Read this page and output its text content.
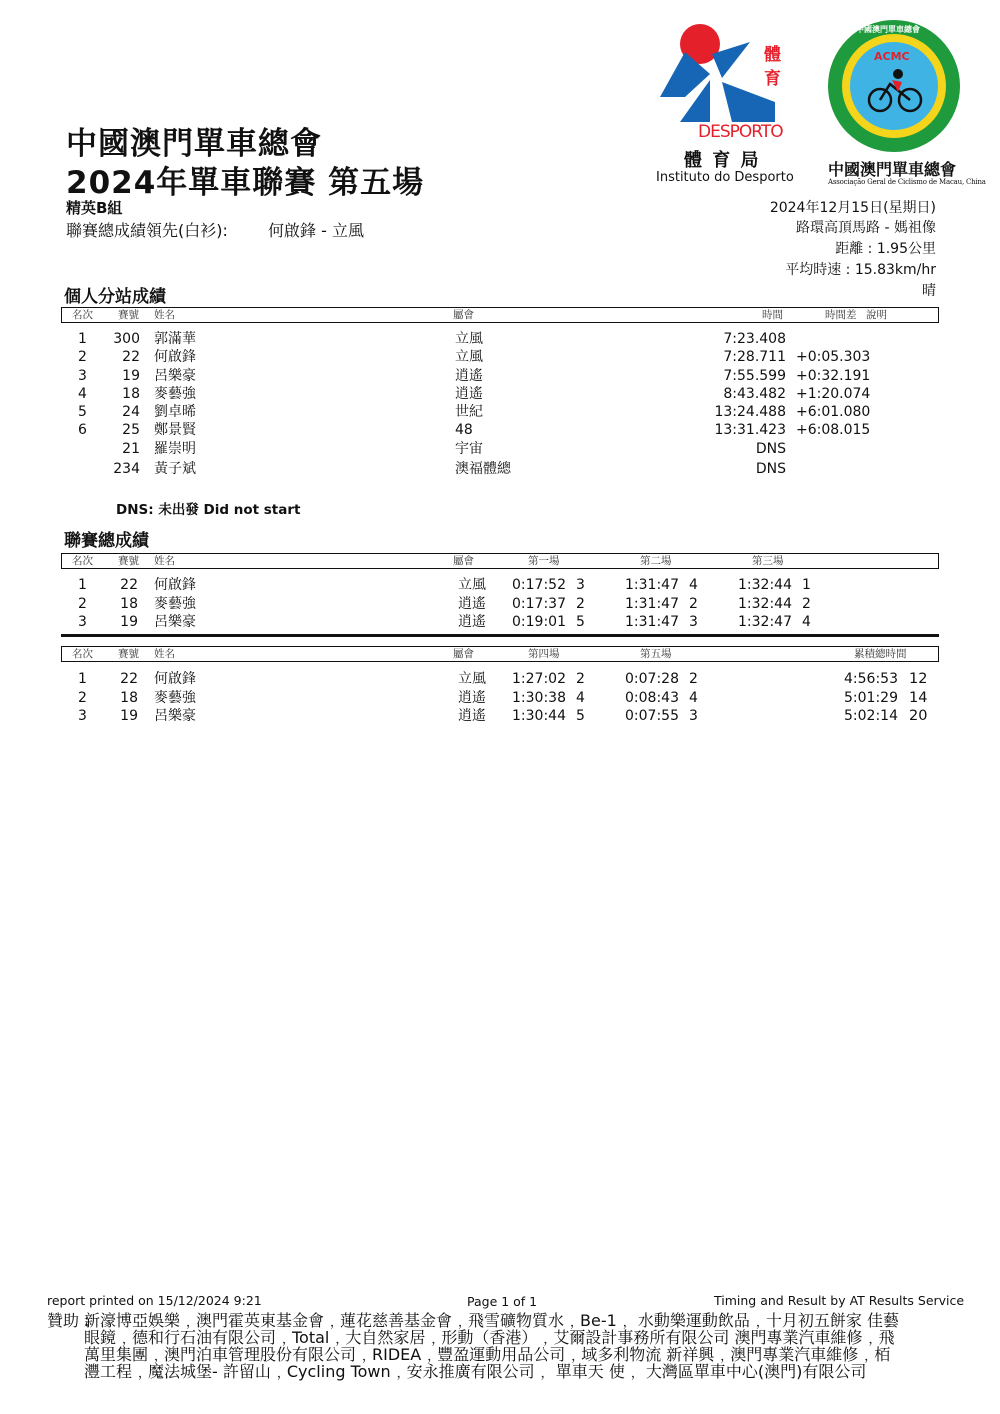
中國澳門單車總會
2024年單車聯賽 第五場
精英B組
聯賽總成績領先(白衫):	何啟鋒 - 立風
體
育
DESPORTO
體 育 局
Instituto do Desporto
ACMC
中國澳門單車總會
中國澳門單車總會
Associação Geral de Ciclismo de Macau, China
2024年12月15日(星期日)
路環高頂馬路 - 媽祖像
距離 : 1.95公里
平均時速 : 15.83km/hr
晴
個人分站成績
名次 賽號 姓名	屬會	時間	時間差 說明
1	300 郭滿華	立風	7:23.408
2	22 何啟鋒	立風	7:28.711 +0:05.303
3	19 呂樂豪	逍遙	7:55.599 +0:32.191
4	18 麥藝強	逍遙	8:43.482 +1:20.074
5	24 劉卓晞	世紀	13:24.488 +6:01.080
6	25 鄭景賢	48	13:31.423 +6:08.015
21 羅崇明	宇宙	DNS
234 黃子斌	澳福體總	DNS
DNS: 未出發 Did not start
聯賽總成績
名次 賽號 姓名	屬會	第一場	第二場	第三場
1	22 何啟鋒	立風 0:17:52 3	1:31:47 4	1:32:44 1
2	18 麥藝強	逍遙 0:17:37 2	1:31:47 2	1:32:44 2
3	19 呂樂豪	逍遙 0:19:01 5	1:31:47 3	1:32:47 4
名次 賽號 姓名	屬會	第四場	第五場	累積總時間
1	22 何啟鋒	立風 1:27:02 2	0:07:28 2	4:56:53 12
2	18 麥藝強	逍遙 1:30:38 4	0:08:43 4	5:01:29 14
3	19 呂樂豪	逍遙 1:30:44 5	0:07:55 3	5:02:14 20
report printed on 15/12/2024 9:21	Page 1 of 1	Timing and Result by AT Results Service
贊助 :
新濠博亞娛樂﹐澳門霍英東基金會﹐蓮花慈善基金會﹐飛雪礦物質水﹐Be-1﹐ 水動樂運動飲品﹐十月初五餅家 佳藝眼鏡﹐德和行石油有限公司﹐Total﹐大自然家居﹐形動（香港）﹐艾爾設計事務所有限公司 澳門專業汽車維修﹐飛萬里集團﹐澳門泊車管理股份有限公司﹐RIDEA﹐豐盈運動用品公司﹐域多利物流 新祥興﹐澳門專業汽車維修﹐栢灃工程﹐魔法城堡- 許留山﹐Cycling Town﹐安永推廣有限公司﹐ 單車天 使﹐ 大灣區單車中心(澳門)有限公司
